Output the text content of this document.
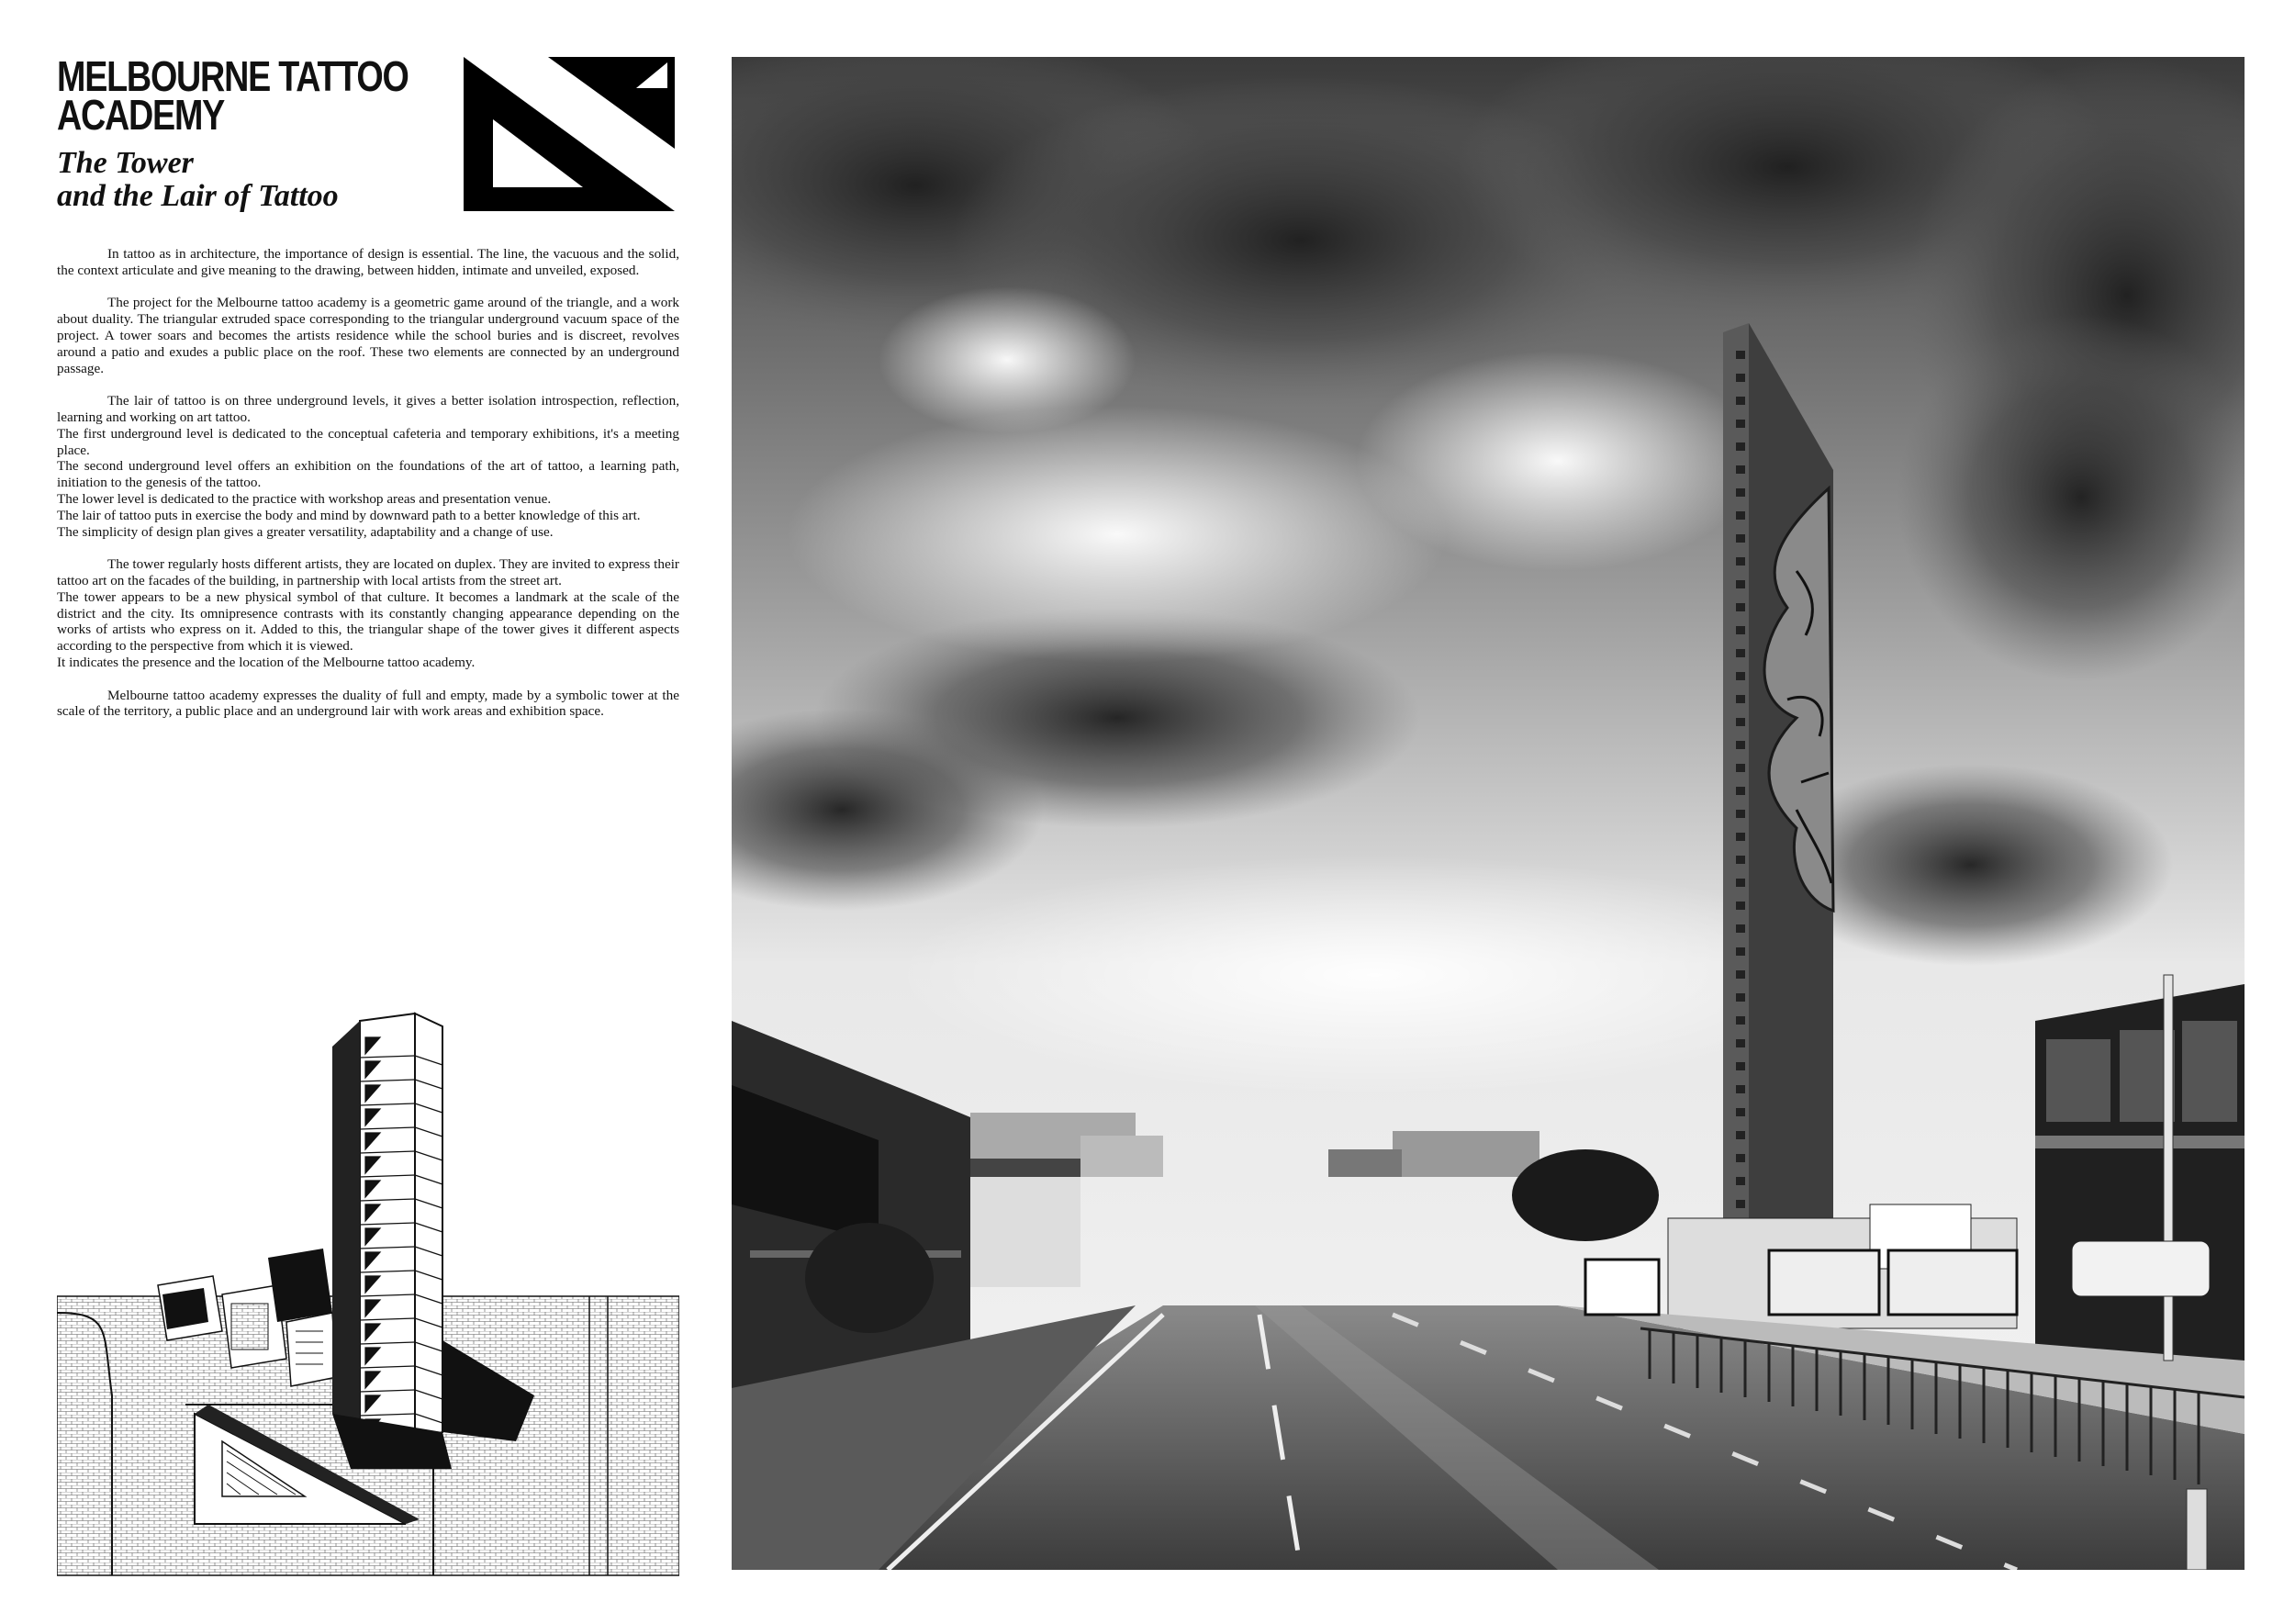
MELBOURNE TATTOO
ACADEMY
The Tower
and the Lair of Tattoo

In tattoo as in architecture, the importance of design is essential. The line, the vacuous and the solid, the context articulate and give meaning to the drawing, between hidden, intimate and unveiled, exposed.

The project for the Melbourne tattoo academy is a geometric game around of the triangle, and a work about duality. The triangular extruded space corresponding to the triangular underground vacuum space of the project. A tower soars and becomes the artists residence while the school buries and is discreet, revolves around a patio and exudes a public place on the roof. These two elements are connected by an underground passage.

The lair of tattoo is on three underground levels, it gives a better isolation introspection, reflection, learning and working on art tattoo.

The first underground level is dedicated to the conceptual cafeteria and temporary exhibitions, it's a meeting place.

The second underground level offers an exhibition on the foundations of the art of tattoo, a learning path, initiation to the genesis of the tattoo.

The lower level is dedicated to the practice with workshop areas and presentation venue.

The lair of tattoo puts in exercise the body and mind by downward path to a better knowledge of this art.

The simplicity of design plan gives a greater versatility, adaptability and a change of use.

The tower regularly hosts different artists, they are located on duplex. They are invited to express their tattoo art on the facades of the building, in partnership with local artists from the street art.

The tower appears to be a new physical symbol of that culture. It becomes a landmark at the scale of the district and the city. Its omnipresence contrasts with its constantly changing appearance depending on the works of artists who express on it. Added to this, the triangular shape of the tower gives it different aspects according to the perspective from which it is viewed.

It indicates the presence and the location of the Melbourne tattoo academy.

Melbourne tattoo academy expresses the duality of full and empty, made by a symbolic tower at the scale of the territory, a public place and an underground lair with work areas and exhibition space.
